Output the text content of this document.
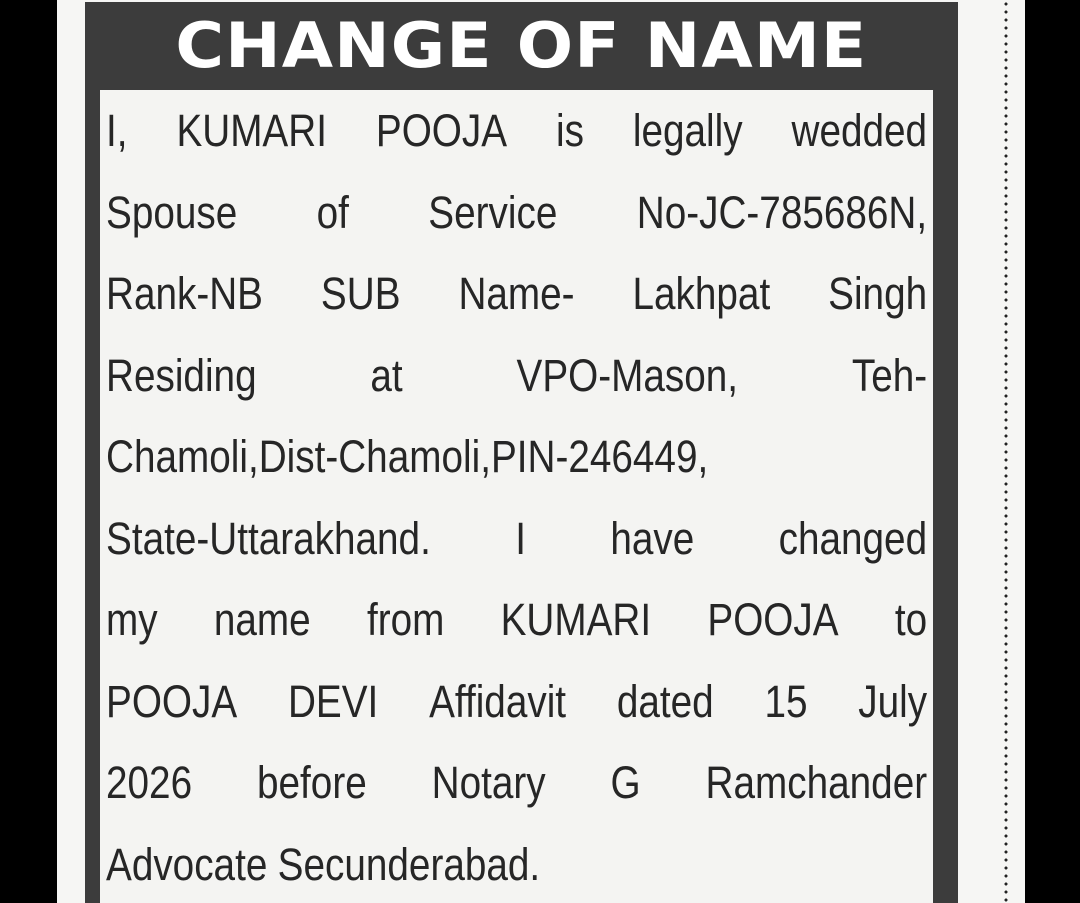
CHANGE OF NAME
I, KUMARI POOJA is legally wedded
Spouse of Service No-JC-785686N,
Rank-NB SUB Name- Lakhpat Singh
Residing	at	VPO-Mason,	Teh-
Chamoli,Dist-Chamoli,PIN-246449,
State-Uttarakhand. I have changed
my name from KUMARI POOJA to
POOJA DEVI Affidavit dated 15 July
2026 before Notary G Ramchander
Advocate Secunderabad.
